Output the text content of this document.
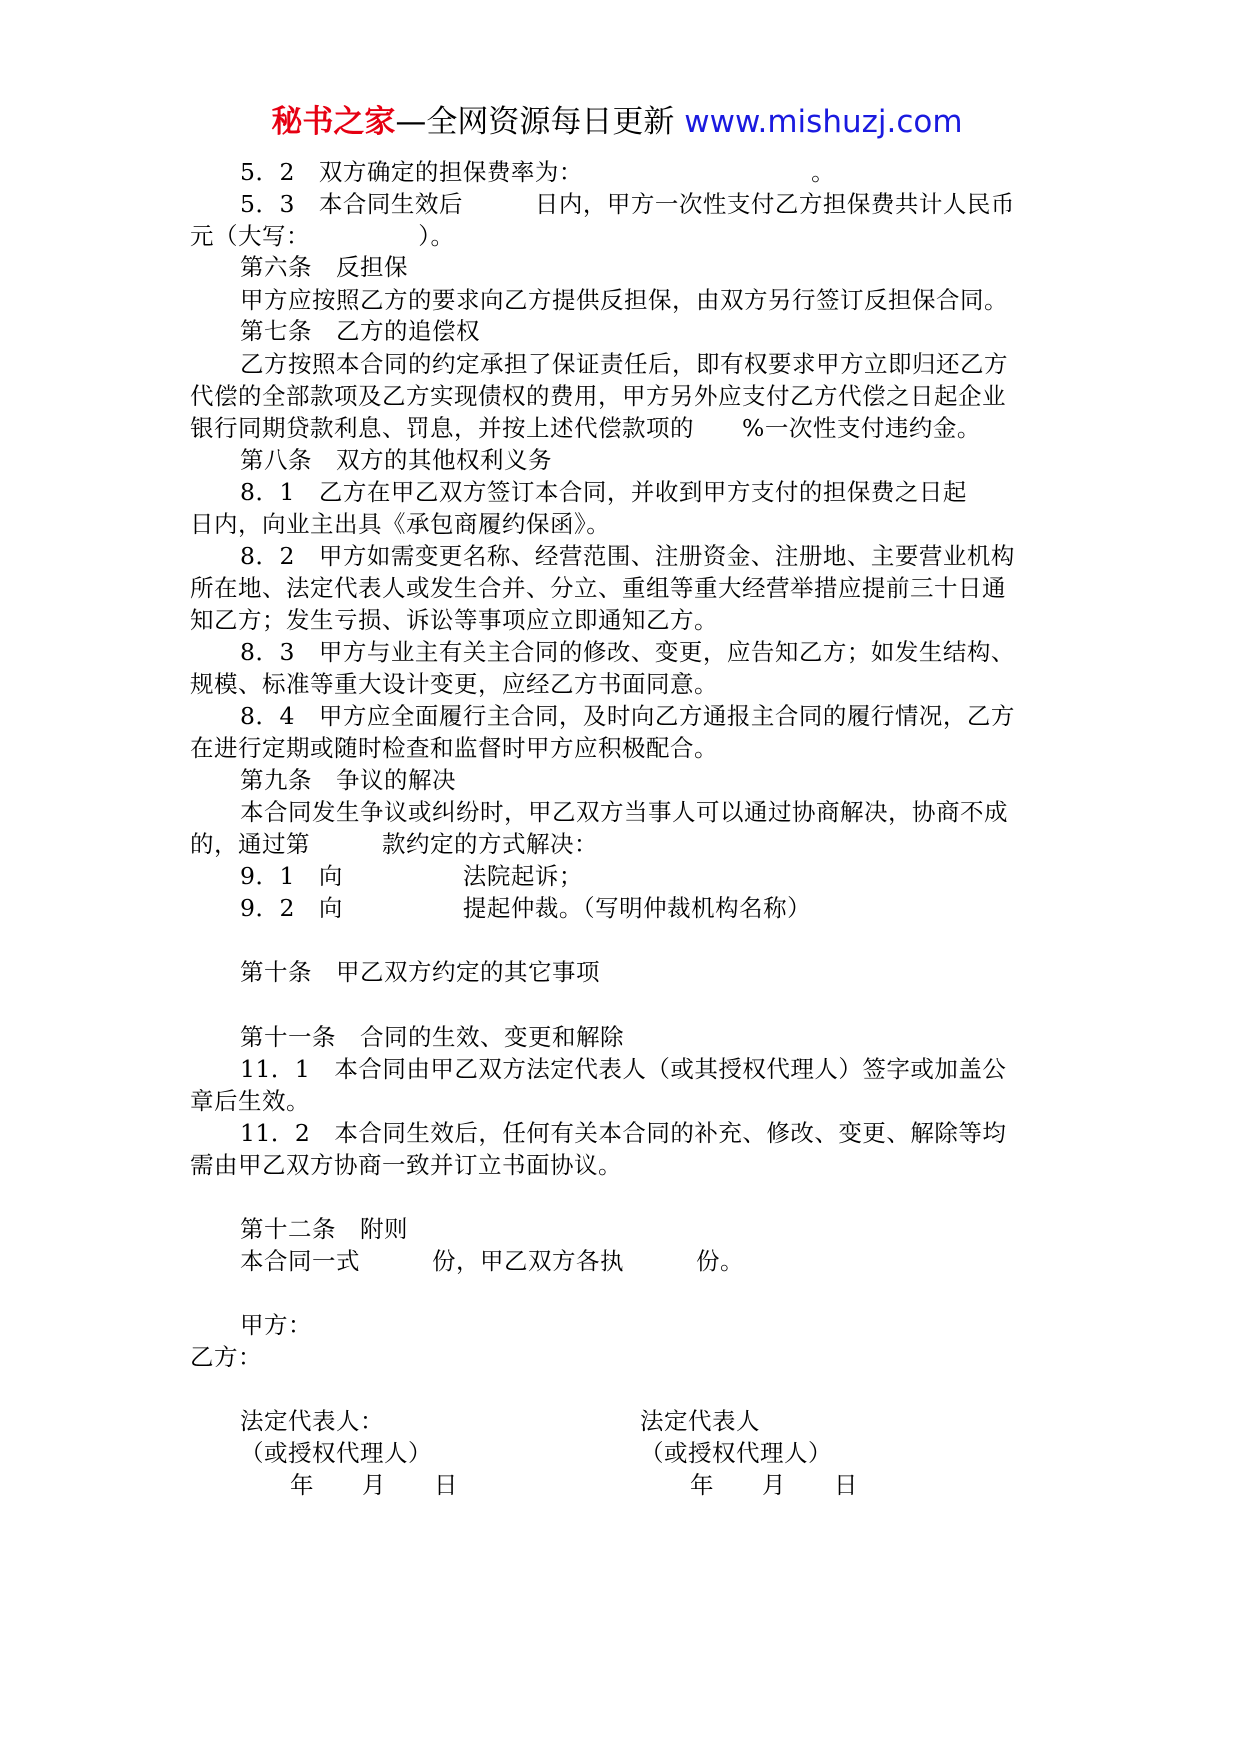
秘书之家—全网资源每日更新 www.mishuzj.com
5．2　双方确定的担保费率为：　　　　　　　　　　。
5．3　本合同生效后　　　日内，甲方一次性支付乙方担保费共计人民币
元（大写：　　　　　）。
第六条　反担保
甲方应按照乙方的要求向乙方提供反担保，由双方另行签订反担保合同。
第七条　乙方的追偿权
乙方按照本合同的约定承担了保证责任后，即有权要求甲方立即归还乙方
代偿的全部款项及乙方实现债权的费用，甲方另外应支付乙方代偿之日起企业
银行同期贷款利息、罚息，并按上述代偿款项的　　%一次性支付违约金。
第八条　双方的其他权利义务
8．1　乙方在甲乙双方签订本合同，并收到甲方支付的担保费之日起
日内，向业主出具《承包商履约保函》。
8．2　甲方如需变更名称、经营范围、注册资金、注册地、主要营业机构
所在地、法定代表人或发生合并、分立、重组等重大经营举措应提前三十日通
知乙方；发生亏损、诉讼等事项应立即通知乙方。
8．3　甲方与业主有关主合同的修改、变更，应告知乙方；如发生结构、
规模、标准等重大设计变更，应经乙方书面同意。
8．4　甲方应全面履行主合同，及时向乙方通报主合同的履行情况，乙方
在进行定期或随时检查和监督时甲方应积极配合。
第九条　争议的解决
本合同发生争议或纠纷时，甲乙双方当事人可以通过协商解决，协商不成
的，通过第　　　款约定的方式解决：
9．1　向　　　　　法院起诉；
9．2　向　　　　　提起仲裁。（写明仲裁机构名称）
第十条　甲乙双方约定的其它事项
第十一条　合同的生效、变更和解除
11．1　本合同由甲乙双方法定代表人（或其授权代理人）签字或加盖公
章后生效。
11．2　本合同生效后，任何有关本合同的补充、修改、变更、解除等均
需由甲乙双方协商一致并订立书面协议。
第十二条　附则
本合同一式　　　份，甲乙双方各执　　　份。
甲方：
乙方：
法定代表人：	法定代表人
（或授权代理人）	（或授权代理人）
年　　月　　日	年　　月　　日
